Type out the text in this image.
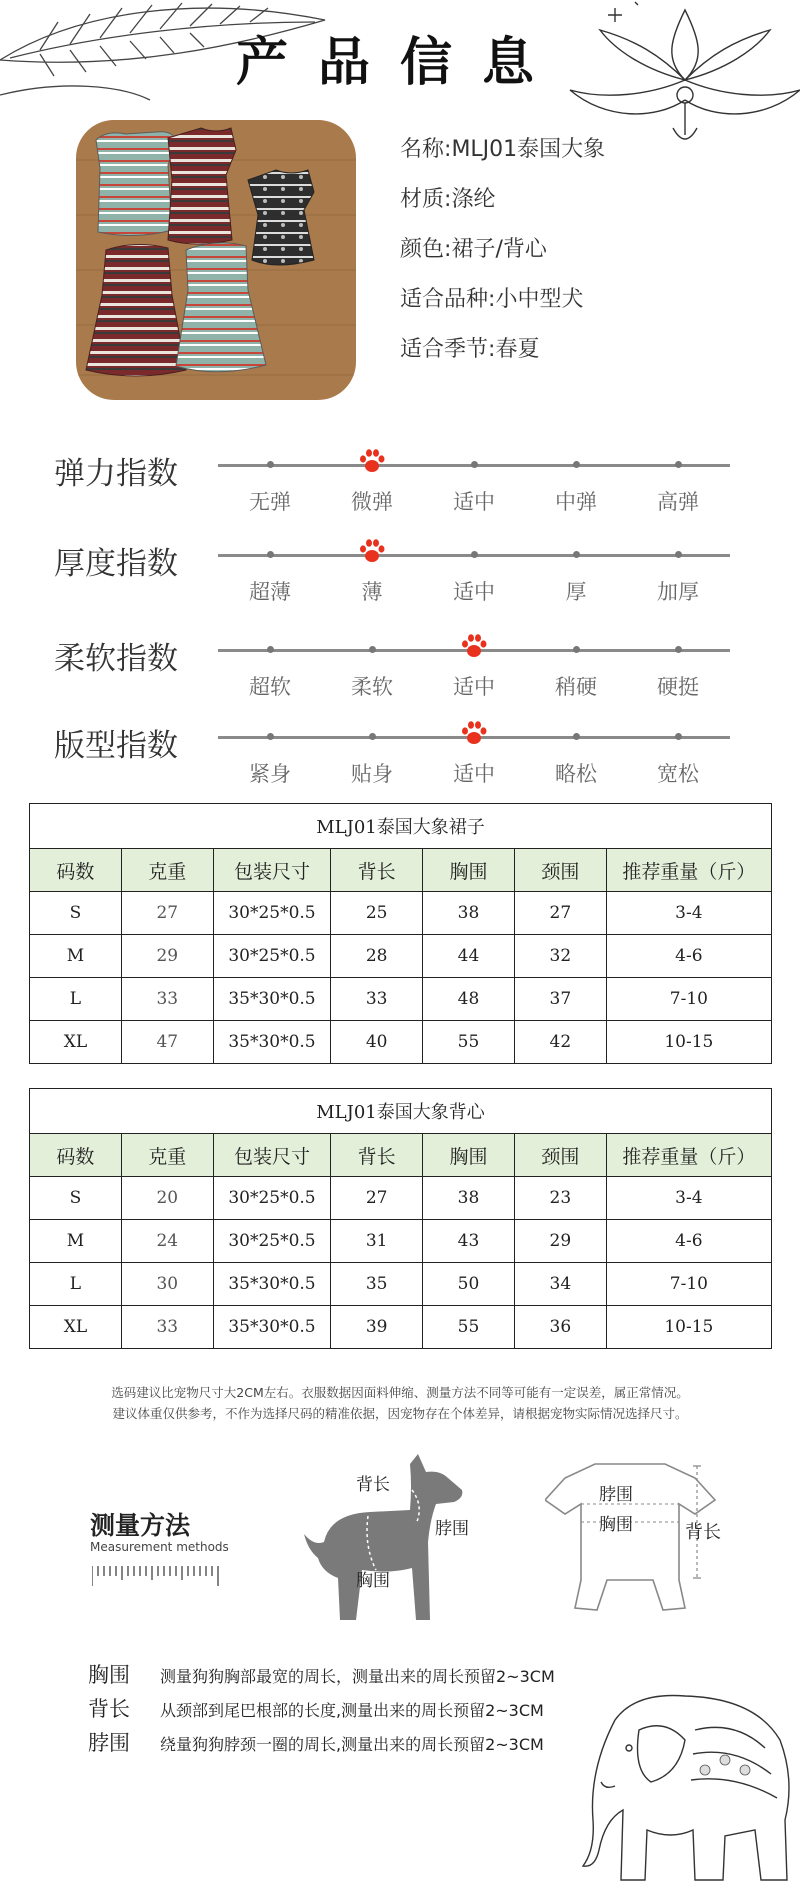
产品信息
名称:MLJ01泰国大象
材质:涤纶
颜色:裙子/背心
适合品种:小中型犬
适合季节:春夏
弹力指数
无弹	微弹	适中	中弹	高弹
厚度指数
超薄	薄	适中	厚	加厚
柔软指数
超软	柔软	适中	稍硬	硬挺
版型指数
紧身	贴身	适中	略松	宽松
MLJ01泰国大象裙子						
码数	克重	包装尺寸	背长	胸围	颈围	推荐重量（斤）
S	27	30*25*0.5	25	38	27	3-4
M	29	30*25*0.5	28	44	32	4-6
L	33	35*30*0.5	33	48	37	7-10
XL	47	35*30*0.5	40	55	42	10-15
MLJ01泰国大象背心						
码数	克重	包装尺寸	背长	胸围	颈围	推荐重量（斤）
S	20	30*25*0.5	27	38	23	3-4
M	24	30*25*0.5	31	43	29	4-6
L	30	35*30*0.5	35	50	34	7-10
XL	33	35*30*0.5	39	55	36	10-15
选码建议比宠物尺寸大2CM左右。衣服数据因面料伸缩、测量方法不同等可能有一定误差，属正常情况。
建议体重仅供参考，不作为选择尺码的精准依据，因宠物存在个体差异，请根据宠物实际情况选择尺寸。
测量方法
Measurement methods
背长
脖围
胸围
脖围
胸围	背长
胸围 测量狗狗胸部最宽的周长，测量出来的周长预留2~3CM
背长 从颈部到尾巴根部的长度,测量出来的周长预留2~3CM
脖围 绕量狗狗脖颈一圈的周长,测量出来的周长预留2~3CM
